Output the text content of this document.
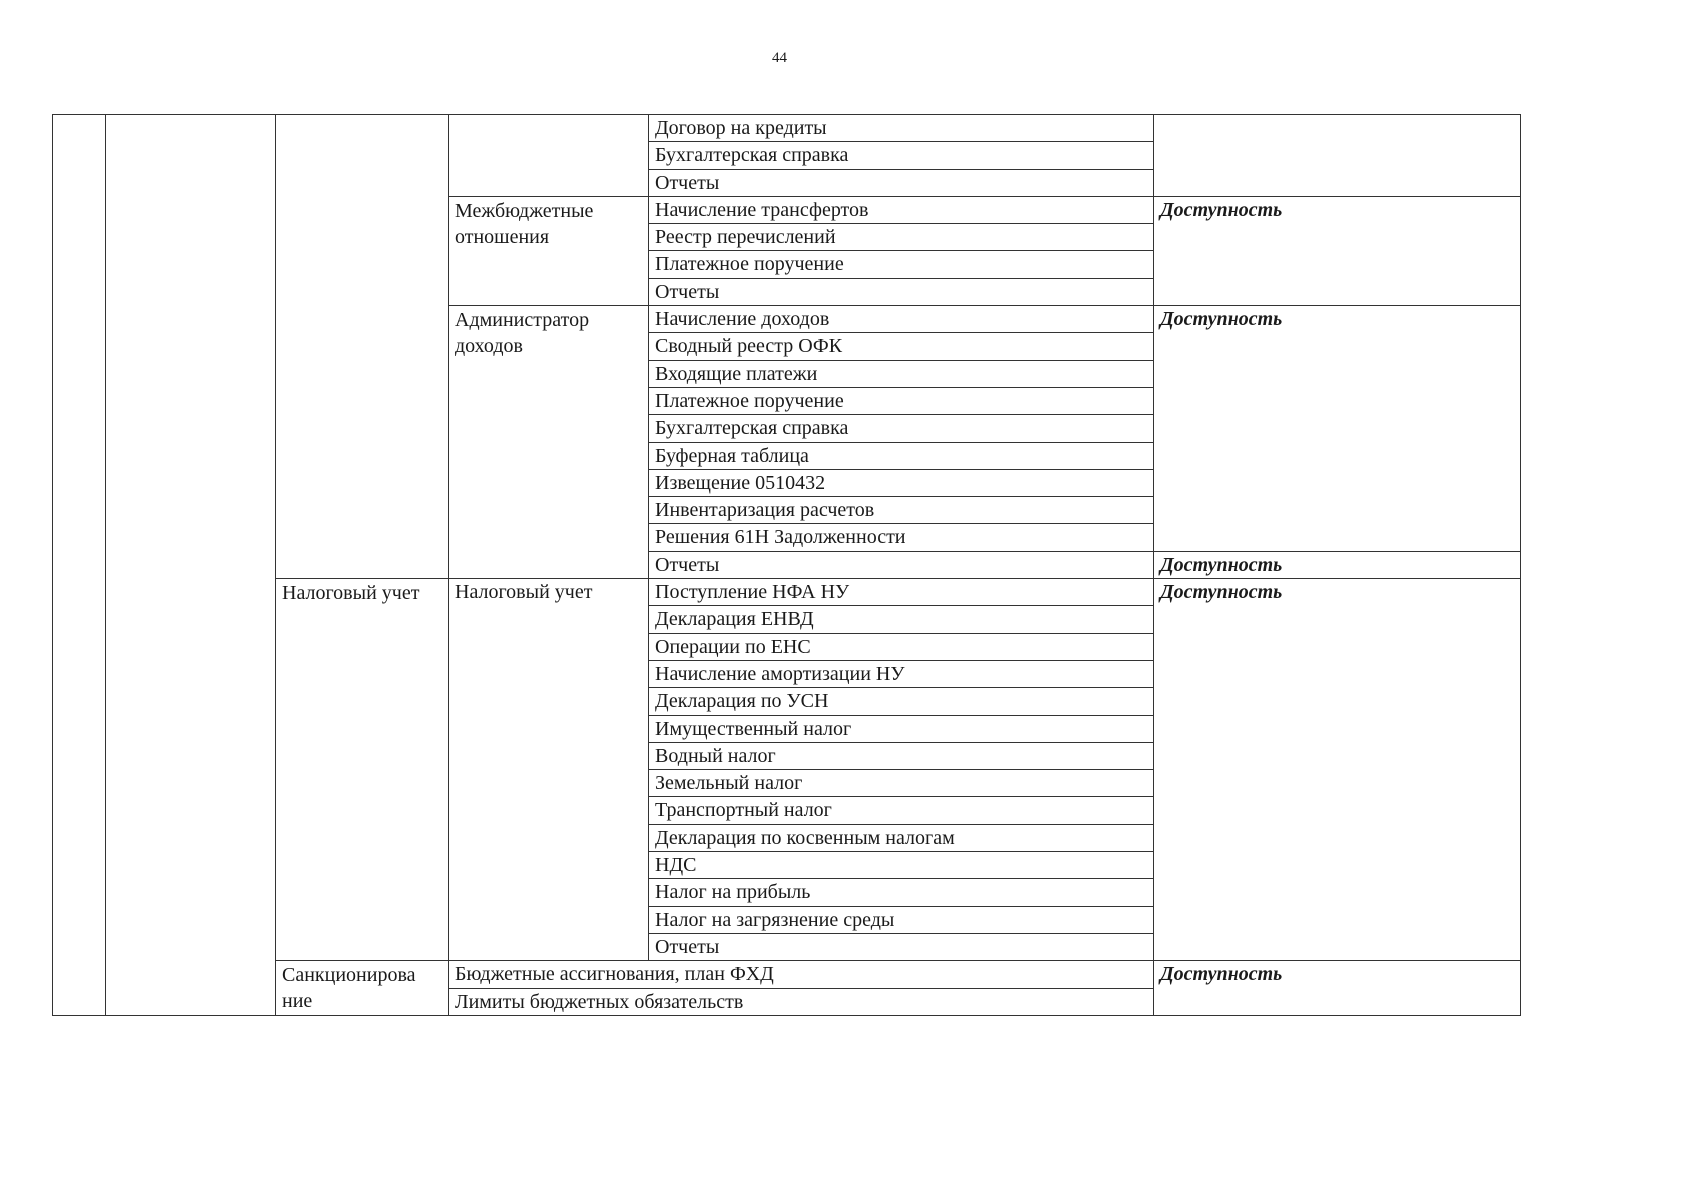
44
				Договор на кредиты	
				Бухгалтерская справка	
				Отчеты	
			Межбюджетные отношения	Начисление трансфертов	Доступность
				Реестр перечислений	
				Платежное поручение	
				Отчеты	
			Администратор доходов	Начисление доходов	Доступность
				Сводный реестр ОФК	
				Входящие платежи	
				Платежное поручение	
				Бухгалтерская справка	
				Буферная таблица	
				Извещение 0510432	
				Инвентаризация расчетов	
				Решения 61Н Задолженности	
				Отчеты	Доступность
		Налоговый учет	Налоговый учет	Поступление НФА НУ	Доступность
				Декларация ЕНВД	
				Операции по ЕНС	
				Начисление амортизации НУ	
				Декларация по УСН	
				Имущественный налог	
				Водный налог	
				Земельный налог	
				Транспортный налог	
				Декларация по косвенным налогам	
				НДС	
				Налог на прибыль	
				Налог на загрязнение среды	
				Отчеты	
		Санкционирова ние	Бюджетные ассигнования, план ФХД		Доступность
			Лимиты бюджетных обязательств		
